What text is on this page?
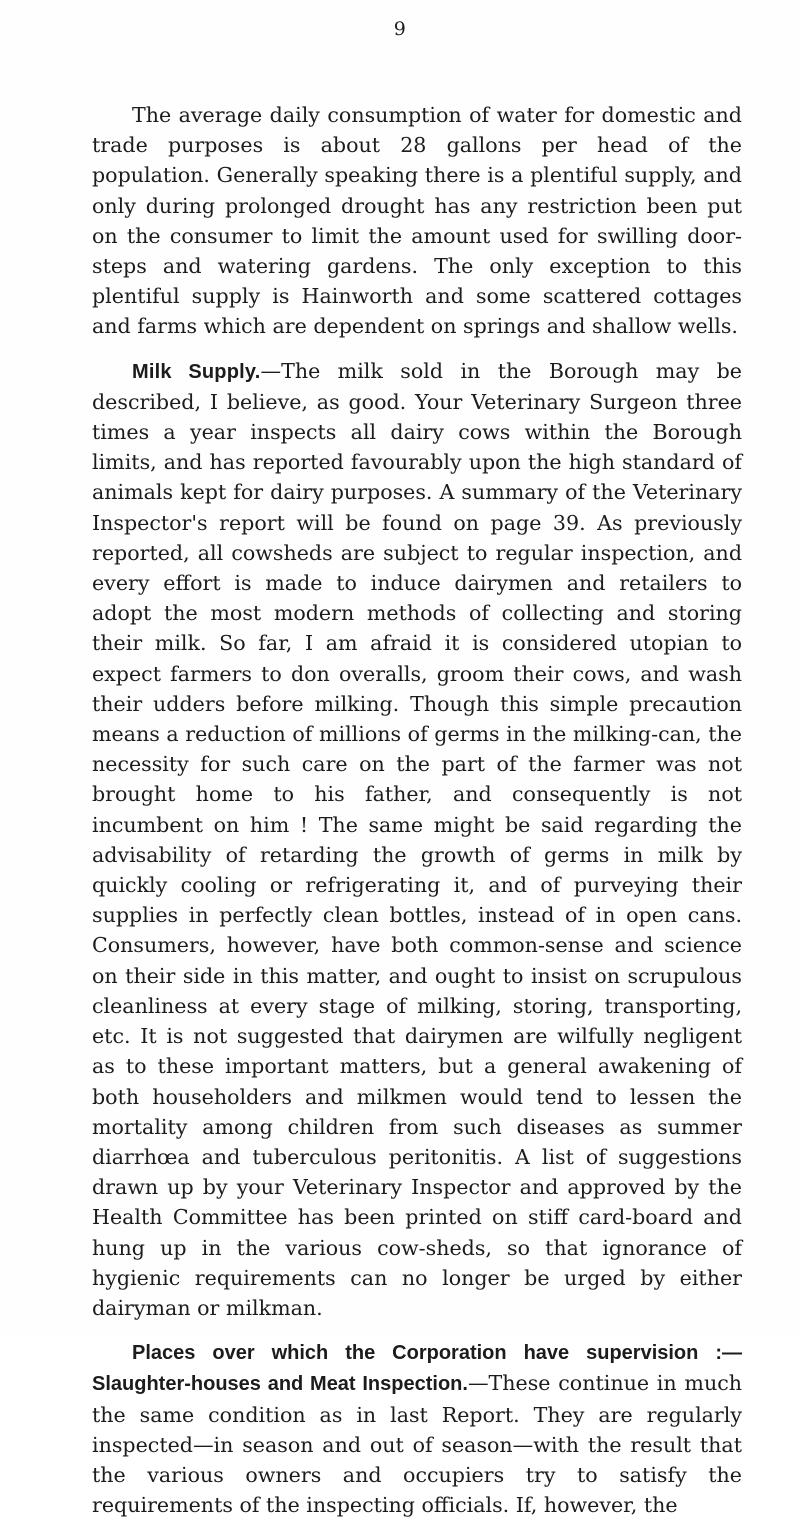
9

The average daily consumption of water for domestic and trade purposes is about 28 gallons per head of the population. Generally speaking there is a plentiful supply, and only during prolonged drought has any restriction been put on the consumer to limit the amount used for swilling door-steps and watering gardens. The only exception to this plentiful supply is Hainworth and some scattered cottages and farms which are dependent on springs and shallow wells.

Milk Supply.—The milk sold in the Borough may be described, I believe, as good. Your Veterinary Surgeon three times a year inspects all dairy cows within the Borough limits, and has reported favourably upon the high standard of animals kept for dairy purposes. A summary of the Veterinary Inspector's report will be found on page 39. As previously reported, all cowsheds are subject to regular inspection, and every effort is made to induce dairymen and retailers to adopt the most modern methods of collecting and storing their milk. So far, I am afraid it is considered utopian to expect farmers to don overalls, groom their cows, and wash their udders before milking. Though this simple precaution means a reduction of millions of germs in the milking-can, the necessity for such care on the part of the farmer was not brought home to his father, and consequently is not incumbent on him ! The same might be said regarding the advisability of retarding the growth of germs in milk by quickly cooling or refrigerating it, and of purveying their supplies in perfectly clean bottles, instead of in open cans. Consumers, however, have both common-sense and science on their side in this matter, and ought to insist on scrupulous cleanliness at every stage of milking, storing, transporting, etc. It is not suggested that dairymen are wilfully negligent as to these important matters, but a general awakening of both householders and milkmen would tend to lessen the mortality among children from such diseases as summer diarrhœa and tuberculous peritonitis. A list of suggestions drawn up by your Veterinary Inspector and approved by the Health Committee has been printed on stiff card-board and hung up in the various cow-sheds, so that ignorance of hygienic requirements can no longer be urged by either dairyman or milkman.

Places over which the Corporation have supervision :—Slaughter-houses and Meat Inspection.—These continue in much the same condition as in last Report. They are regularly inspected—in season and out of season—with the result that the various owners and occupiers try to satisfy the requirements of the inspecting officials. If, however, the
